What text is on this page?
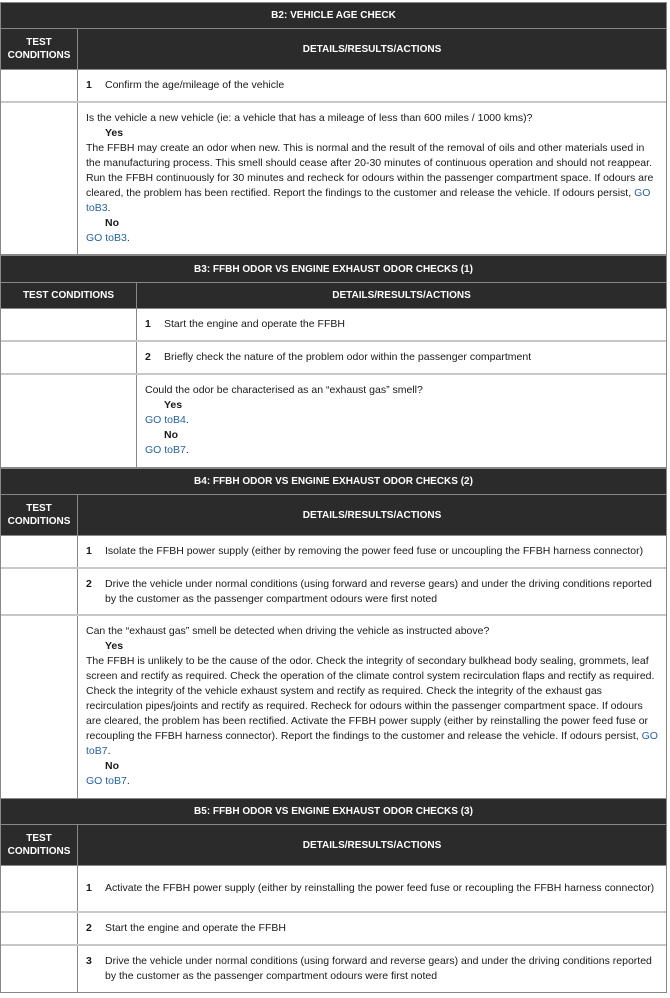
B2: VEHICLE AGE CHECK
TEST CONDITIONS
DETAILS/RESULTS/ACTIONS
1	Confirm the age/mileage of the vehicle
Is the vehicle a new vehicle (ie: a vehicle that has a mileage of less than 600 miles / 1000 kms)?
Yes
The FFBH may create an odor when new. This is normal and the result of the removal of oils and other materials used in the manufacturing process. This smell should cease after 20-30 minutes of continuous operation and should not reappear. Run the FFBH continuously for 30 minutes and recheck for odours within the passenger compartment space. If odours are cleared, the problem has been rectified. Report the findings to the customer and release the vehicle. If odours persist, GO toB3.
No
GO toB3.
B3: FFBH ODOR VS ENGINE EXHAUST ODOR CHECKS (1)
TEST CONDITIONS	DETAILS/RESULTS/ACTIONS
1	Start the engine and operate the FFBH
2	Briefly check the nature of the problem odor within the passenger compartment
Could the odor be characterised as an “exhaust gas” smell?
Yes
GO toB4.
No
GO toB7.
B4: FFBH ODOR VS ENGINE EXHAUST ODOR CHECKS (2)
TEST CONDITIONS
DETAILS/RESULTS/ACTIONS
1	Isolate the FFBH power supply (either by removing the power feed fuse or uncoupling the FFBH harness connector)
2	Drive the vehicle under normal conditions (using forward and reverse gears) and under the driving conditions reported by the customer as the passenger compartment odours were first noted
Can the “exhaust gas” smell be detected when driving the vehicle as instructed above?
Yes
The FFBH is unlikely to be the cause of the odor. Check the integrity of secondary bulkhead body sealing, grommets, leaf screen and rectify as required. Check the operation of the climate control system recirculation flaps and rectify as required. Check the integrity of the vehicle exhaust system and rectify as required. Check the integrity of the exhaust gas recirculation pipes/joints and rectify as required. Recheck for odours within the passenger compartment space. If odours are cleared, the problem has been rectified. Activate the FFBH power supply (either by reinstalling the power feed fuse or recoupling the FFBH harness connector). Report the findings to the customer and release the vehicle. If odours persist, GO toB7.
No
GO toB7.
B5: FFBH ODOR VS ENGINE EXHAUST ODOR CHECKS (3)
TEST CONDITIONS
DETAILS/RESULTS/ACTIONS
1	Activate the FFBH power supply (either by reinstalling the power feed fuse or recoupling the FFBH harness connector)
2	Start the engine and operate the FFBH
3	Drive the vehicle under normal conditions (using forward and reverse gears) and under the driving conditions reported by the customer as the passenger compartment odours were first noted
